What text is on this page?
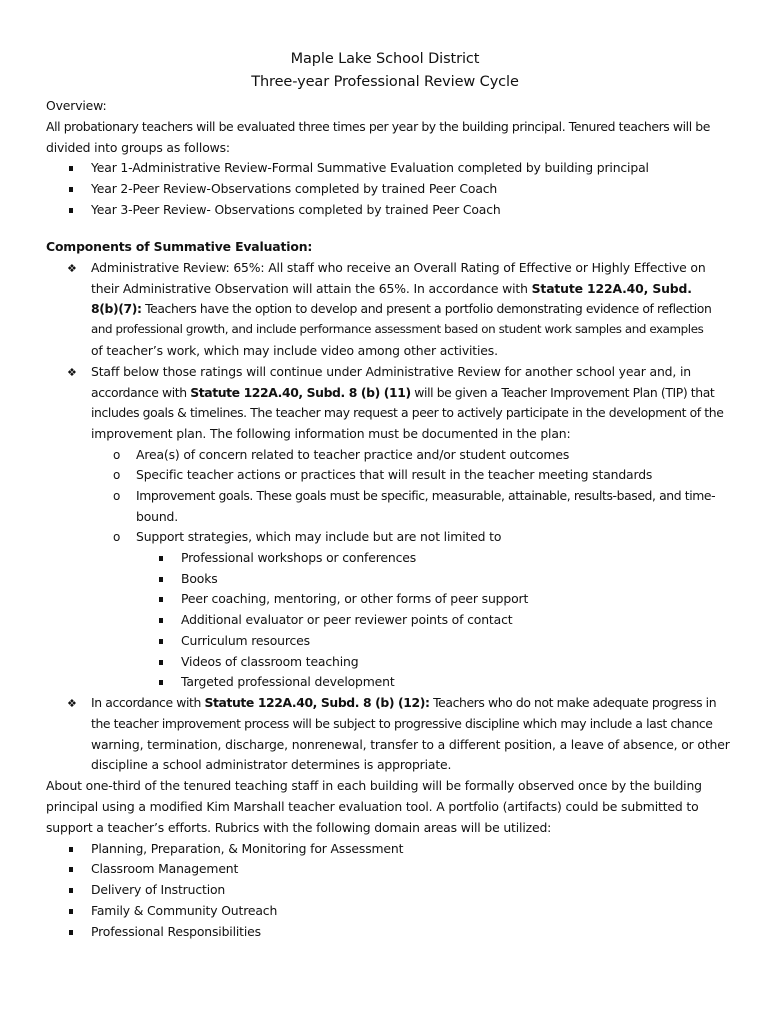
Maple Lake School District
Three-year Professional Review Cycle
Overview:
All probationary teachers will be evaluated three times per year by the building principal. Tenured teachers will be
divided into groups as follows:
Year 1-Administrative Review-Formal Summative Evaluation completed by building principal
Year 2-Peer Review-Observations completed by trained Peer Coach
Year 3-Peer Review- Observations completed by trained Peer Coach
Components of Summative Evaluation:
❖ Administrative Review: 65%: All staff who receive an Overall Rating of Effective or Highly Effective on
their Administrative Observation will attain the 65%. In accordance with Statute 122A.40, Subd.
8(b)(7): Teachers have the option to develop and present a portfolio demonstrating evidence of reflection
and professional growth, and include performance assessment based on student work samples and examples
of teacher’s work, which may include video among other activities.
❖ Staff below those ratings will continue under Administrative Review for another school year and, in
accordance with Statute 122A.40, Subd. 8 (b) (11) will be given a Teacher Improvement Plan (TIP) that
includes goals & timelines. The teacher may request a peer to actively participate in the development of the
improvement plan. The following information must be documented in the plan:
o Area(s) of concern related to teacher practice and/or student outcomes
o Specific teacher actions or practices that will result in the teacher meeting standards
o Improvement goals. These goals must be specific, measurable, attainable, results-based, and time-
bound.
o Support strategies, which may include but are not limited to
Professional workshops or conferences
Books
Peer coaching, mentoring, or other forms of peer support
Additional evaluator or peer reviewer points of contact
Curriculum resources
Videos of classroom teaching
Targeted professional development
❖ In accordance with Statute 122A.40, Subd. 8 (b) (12): Teachers who do not make adequate progress in
the teacher improvement process will be subject to progressive discipline which may include a last chance
warning, termination, discharge, nonrenewal, transfer to a different position, a leave of absence, or other
discipline a school administrator determines is appropriate.
About one-third of the tenured teaching staff in each building will be formally observed once by the building
principal using a modified Kim Marshall teacher evaluation tool. A portfolio (artifacts) could be submitted to
support a teacher’s efforts. Rubrics with the following domain areas will be utilized:
Planning, Preparation, & Monitoring for Assessment
Classroom Management
Delivery of Instruction
Family & Community Outreach
Professional Responsibilities
